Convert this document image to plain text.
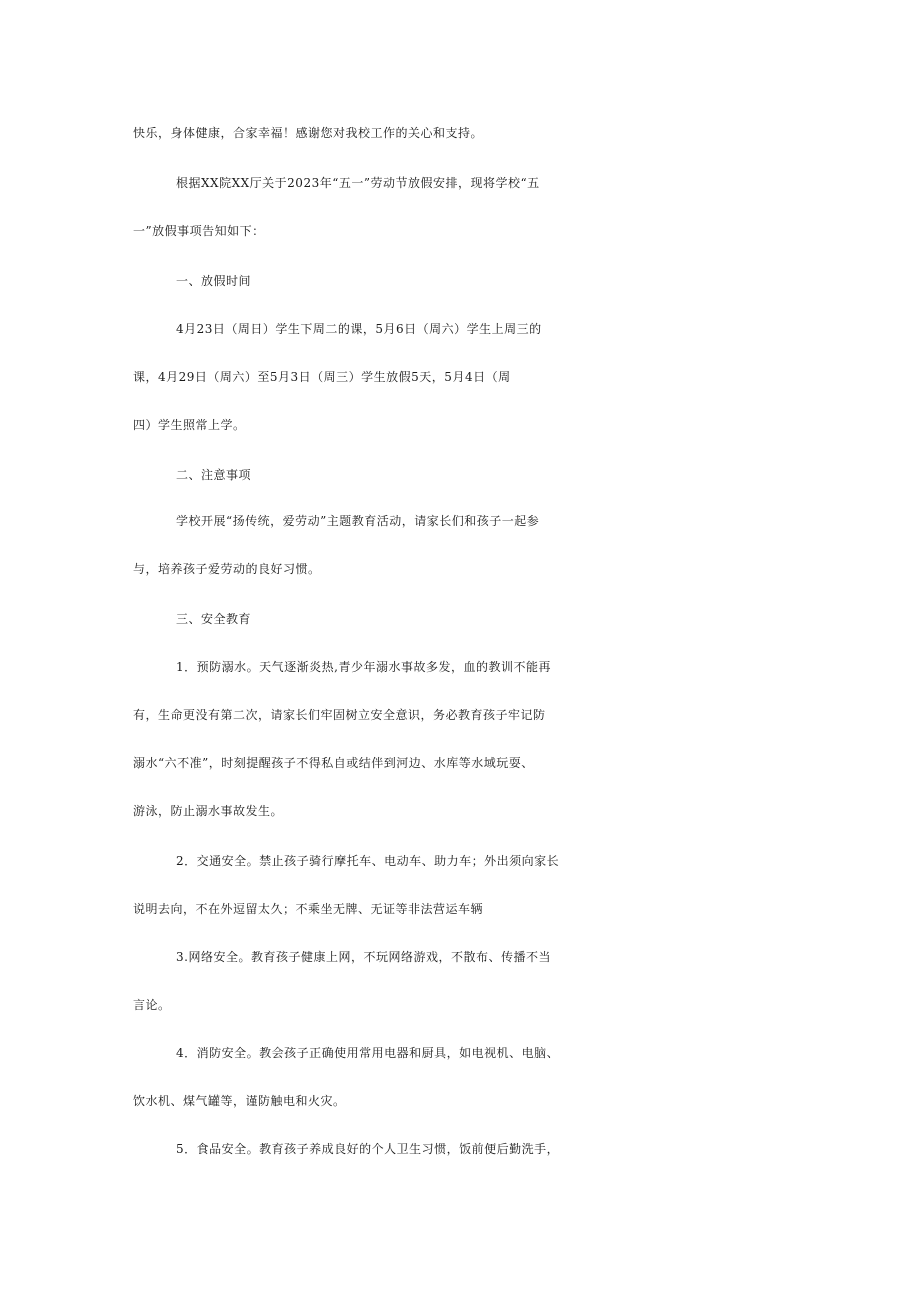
快乐，身体健康，合家幸福！感谢您对我校工作的关心和支持。
根据XX院XX厅关于2023年“五一”劳动节放假安排，现将学校“五
一”放假事项告知如下：
一、放假时间
4月23日（周日）学生下周二的课，5月6日（周六）学生上周三的
课，4月29日（周六）至5月3日（周三）学生放假5天，5月4日（周
四）学生照常上学。
二、注意事项
学校开展“扬传统，爱劳动”主题教育活动，请家长们和孩子一起参
与，培养孩子爱劳动的良好习惯。
三、安全教育
1．预防溺水。天气逐渐炎热,青少年溺水事故多发，血的教训不能再
有，生命更没有第二次，请家长们牢固树立安全意识，务必教育孩子牢记防
溺水“六不准”，时刻提醒孩子不得私自或结伴到河边、水库等水域玩耍、
游泳，防止溺水事故发生。
2．交通安全。禁止孩子骑行摩托车、电动车、助力车；外出须向家长
说明去向，不在外逗留太久；不乘坐无牌、无证等非法营运车辆
3.网络安全。教育孩子健康上网，不玩网络游戏，不散布、传播不当
言论。
4．消防安全。教会孩子正确使用常用电器和厨具，如电视机、电脑、
饮水机、煤气罐等，谨防触电和火灾。
5．食品安全。教育孩子养成良好的个人卫生习惯，饭前便后勤洗手，
